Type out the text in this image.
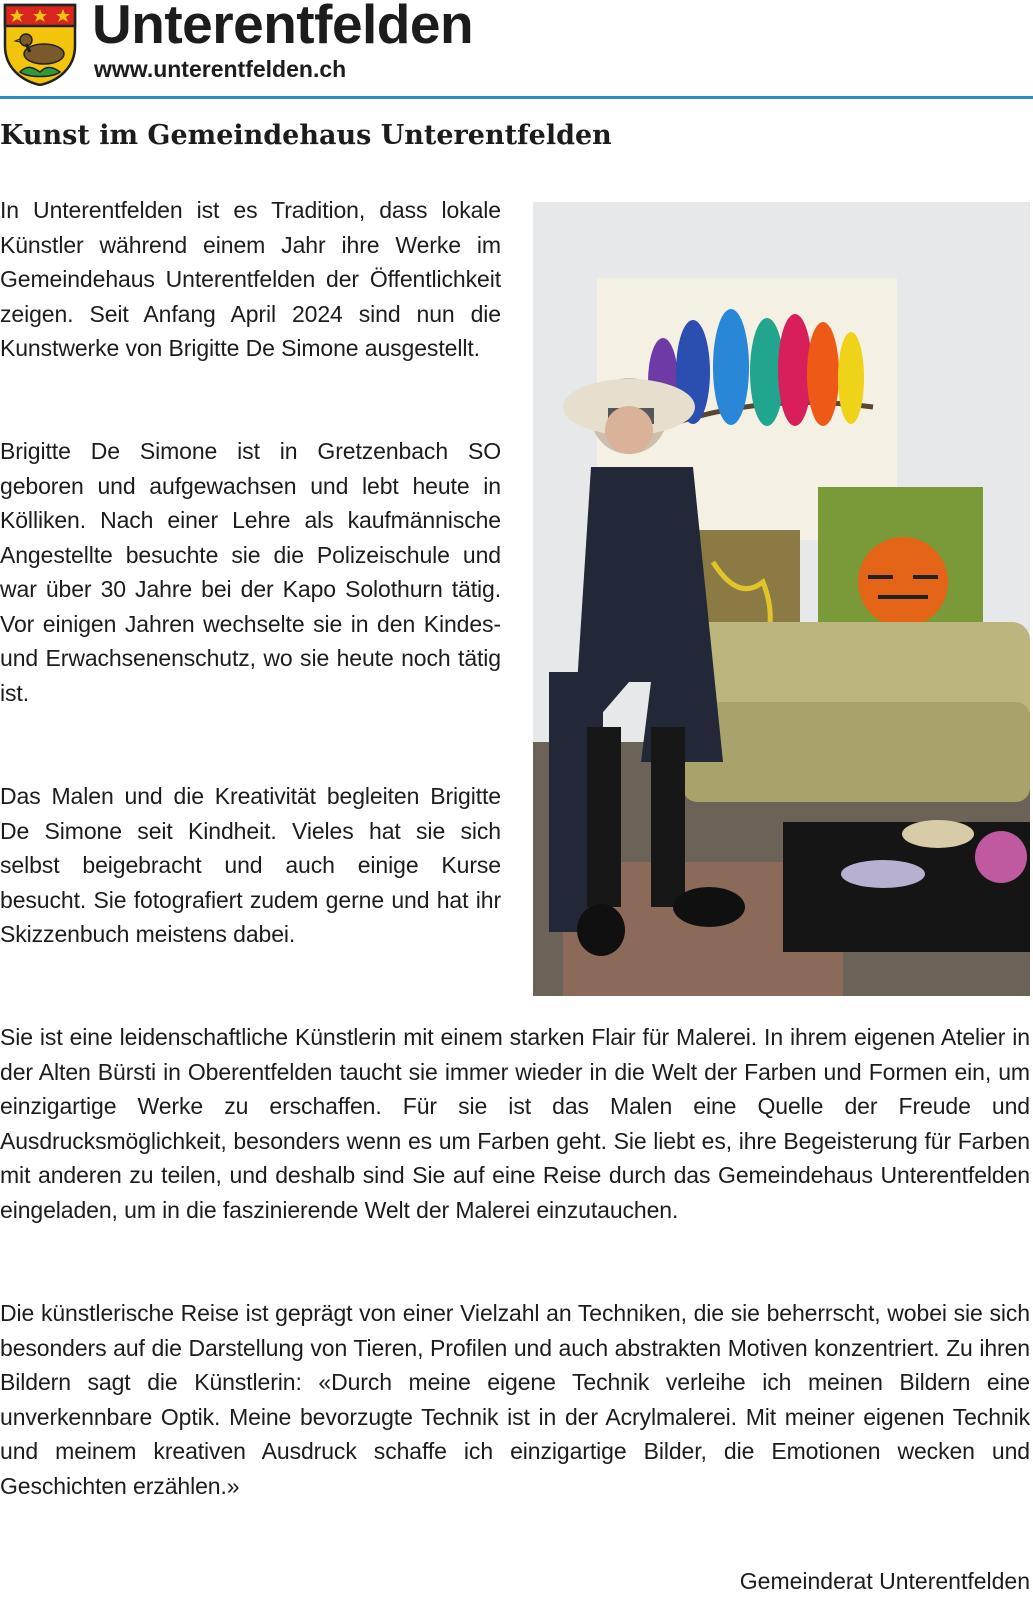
Unterentfelden
www.unterentfelden.ch
Kunst im Gemeindehaus Unterentfelden

In Unterentfelden ist es Tradition, dass lokale Künstler während einem Jahr ihre Werke im Gemeindehaus Unterentfelden der Öffentlichkeit zeigen. Seit Anfang April 2024 sind nun die Kunstwerke von Brigitte De Simone ausgestellt.

Brigitte De Simone ist in Gretzenbach SO geboren und aufgewachsen und lebt heute in Kölliken. Nach einer Lehre als kaufmännische Angestellte besuchte sie die Polizeischule und war über 30 Jahre bei der Kapo Solothurn tätig. Vor einigen Jahren wechselte sie in den Kindes- und Erwachsenenschutz, wo sie heute noch tätig ist.

Das Malen und die Kreativität begleiten Brigitte De Simone seit Kindheit. Vieles hat sie sich selbst beigebracht und auch einige Kurse besucht. Sie fotografiert zudem gerne und hat ihr Skizzenbuch meistens dabei.

Sie ist eine leidenschaftliche Künstlerin mit einem starken Flair für Malerei. In ihrem eigenen Atelier in der Alten Bürsti in Oberentfelden taucht sie immer wieder in die Welt der Farben und Formen ein, um einzigartige Werke zu erschaffen. Für sie ist das Malen eine Quelle der Freude und Ausdrucksmöglichkeit, besonders wenn es um Farben geht. Sie liebt es, ihre Begeisterung für Farben mit anderen zu teilen, und deshalb sind Sie auf eine Reise durch das Gemeindehaus Unterentfelden eingeladen, um in die faszinierende Welt der Malerei einzutauchen.

Die künstlerische Reise ist geprägt von einer Vielzahl an Techniken, die sie beherrscht, wobei sie sich besonders auf die Darstellung von Tieren, Profilen und auch abstrakten Motiven konzentriert. Zu ihren Bildern sagt die Künstlerin: «Durch meine eigene Technik verleihe ich meinen Bildern eine unverkennbare Optik. Meine bevorzugte Technik ist in der Acrylmalerei. Mit meiner eigenen Technik und meinem kreativen Ausdruck schaffe ich einzigartige Bilder, die Emotionen wecken und Geschichten erzählen.»

Gemeinderat Unterentfelden
